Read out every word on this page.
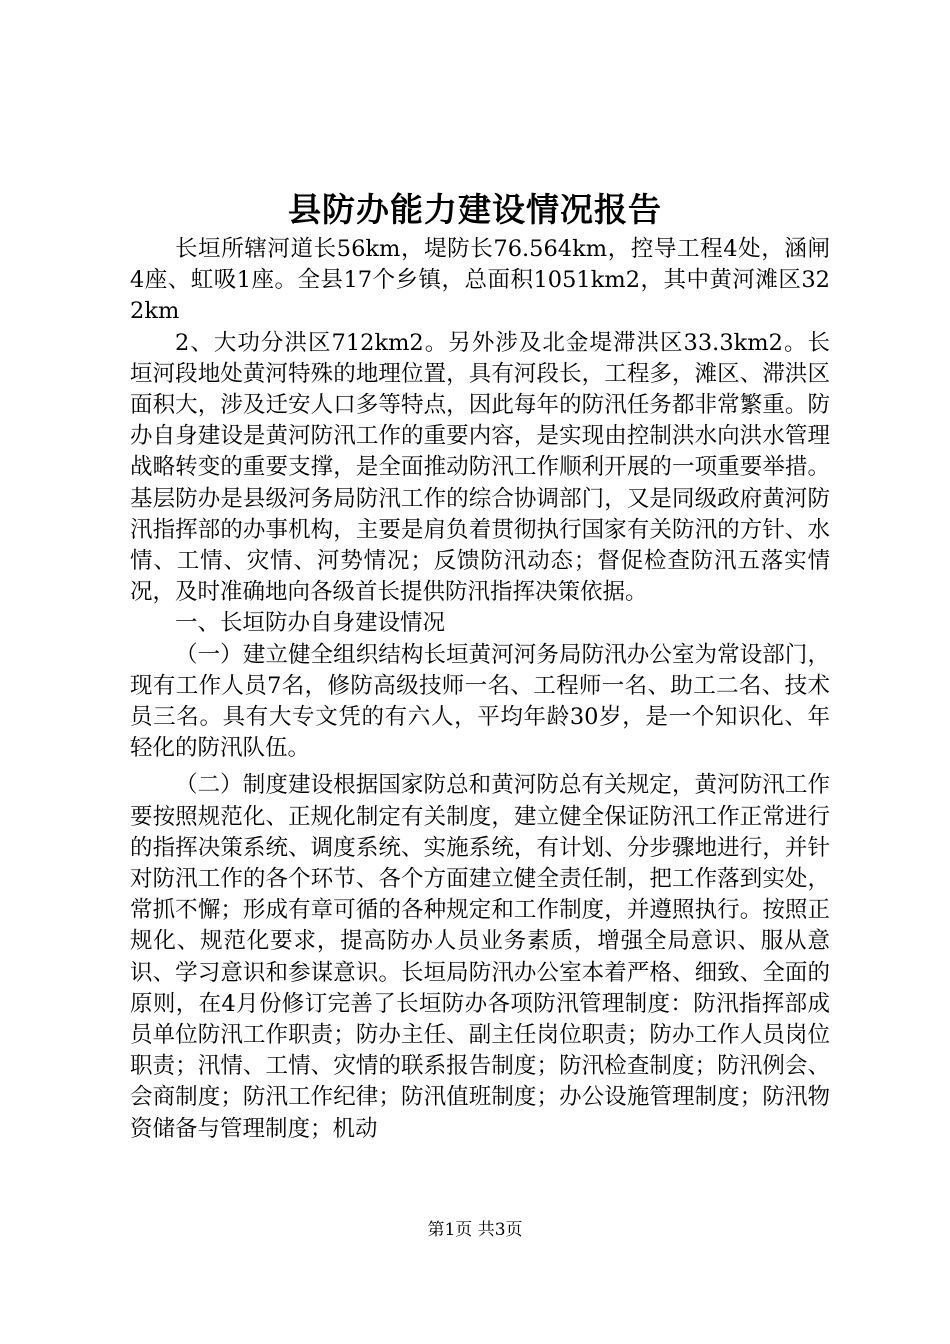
县防办能力建设情况报告

长垣所辖河道长56km，堤防长76.564km，控导工程4处，涵闸4座、虹吸1座。全县17个乡镇，总面积1051km2，其中黄河滩区322km

2、大功分洪区712km2。另外涉及北金堤滞洪区33.3km2。长垣河段地处黄河特殊的地理位置，具有河段长，工程多，滩区、滞洪区面积大，涉及迁安人口多等特点，因此每年的防汛任务都非常繁重。防办自身建设是黄河防汛工作的重要内容，是实现由控制洪水向洪水管理战略转变的重要支撑，是全面推动防汛工作顺利开展的一项重要举措。基层防办是县级河务局防汛工作的综合协调部门，又是同级政府黄河防汛指挥部的办事机构，主要是肩负着贯彻执行国家有关防汛的方针、水情、工情、灾情、河势情况；反馈防汛动态；督促检查防汛五落实情况，及时准确地向各级首长提供防汛指挥决策依据。

一、长垣防办自身建设情况

（一）建立健全组织结构长垣黄河河务局防汛办公室为常设部门，现有工作人员7名，修防高级技师一名、工程师一名、助工二名、技术员三名。具有大专文凭的有六人，平均年龄30岁，是一个知识化、年轻化的防汛队伍。

（二）制度建设根据国家防总和黄河防总有关规定，黄河防汛工作要按照规范化、正规化制定有关制度，建立健全保证防汛工作正常进行的指挥决策系统、调度系统、实施系统，有计划、分步骤地进行，并针对防汛工作的各个环节、各个方面建立健全责任制，把工作落到实处，常抓不懈；形成有章可循的各种规定和工作制度，并遵照执行。按照正规化、规范化要求，提高防办人员业务素质，增强全局意识、服从意识、学习意识和参谋意识。长垣局防汛办公室本着严格、细致、全面的原则，在4月份修订完善了长垣防办各项防汛管理制度：防汛指挥部成员单位防汛工作职责；防办主任、副主任岗位职责；防办工作人员岗位职责；汛情、工情、灾情的联系报告制度；防汛检查制度；防汛例会、会商制度；防汛工作纪律；防汛值班制度；办公设施管理制度；防汛物资储备与管理制度；机动

第1页 共3页
